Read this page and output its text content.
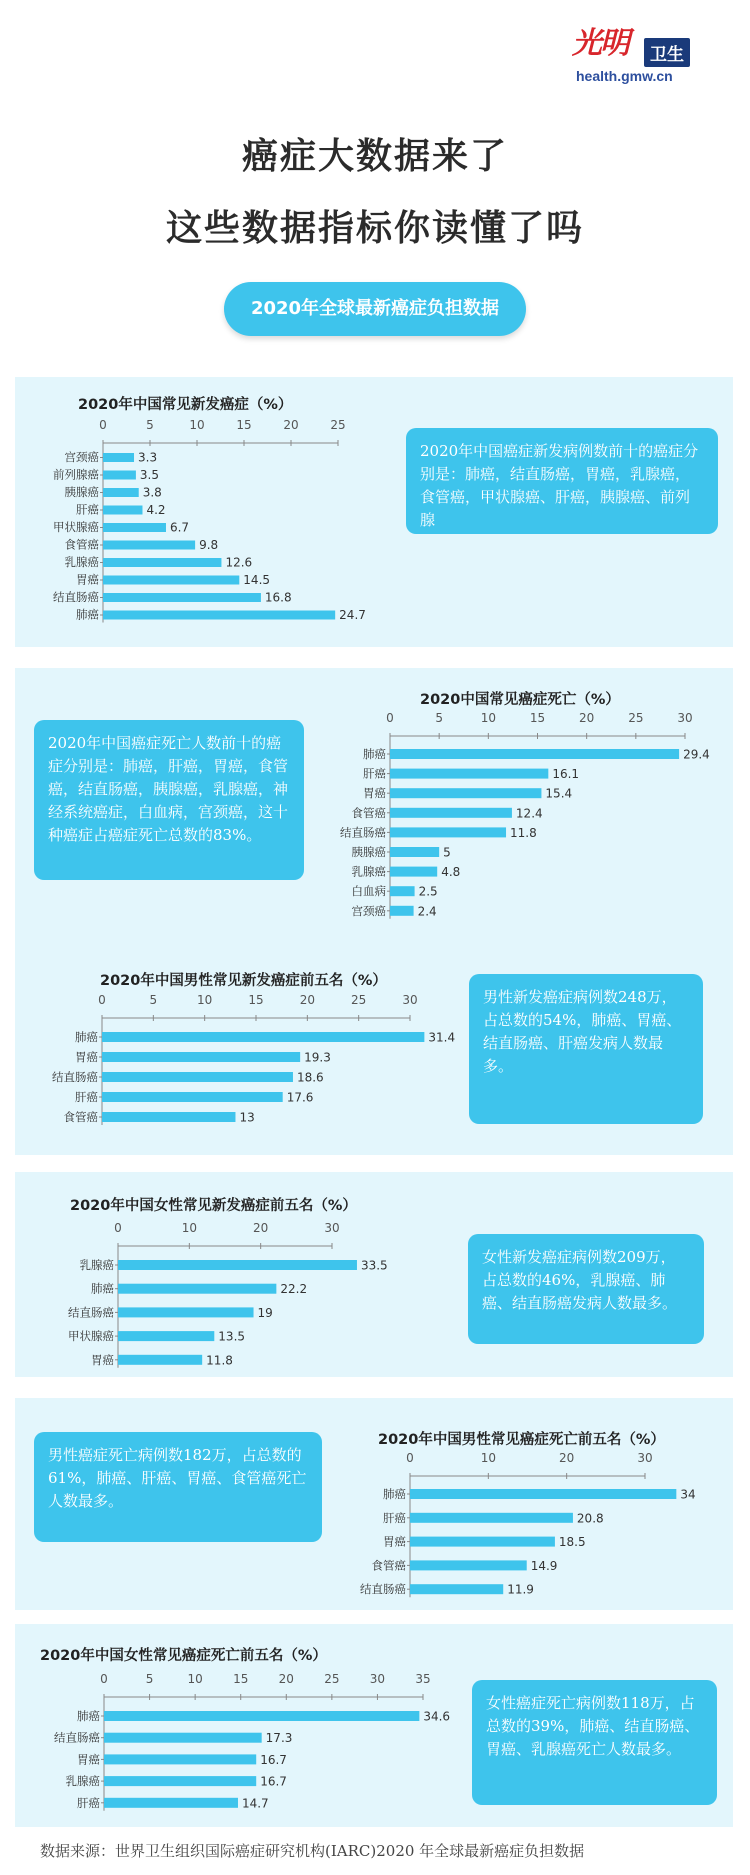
光明	卫生
health.gmw.cn
癌症大数据来了
这些数据指标你读懂了吗
2020年全球最新癌症负担数据
2020年中国常见新发癌症（%）
0	5	10	15	20	25
宫颈癌	3.3
前列腺癌	3.5
胰腺癌	3.8
肝癌	4.2
甲状腺癌	6.7
食管癌	9.8
乳腺癌	12.6
胃癌	14.5
结直肠癌	16.8
肺癌	24.7
2020年中国癌症新发病例数前十的癌症分别是：肺癌，结直肠癌，胃癌，乳腺癌，食管癌，甲状腺癌、肝癌，胰腺癌、前列腺
2020年中国癌症死亡人数前十的癌症分别是：肺癌，肝癌，胃癌，食管癌，结直肠癌，胰腺癌，乳腺癌，神经系统癌症，白血病，宫颈癌，这十种癌症占癌症死亡总数的83%。
2020中国常见癌症死亡（%）
0	5	10	15	20	25	30
肺癌	29.4
肝癌	16.1
胃癌	15.4
食管癌	12.4
结直肠癌	11.8
胰腺癌	5
乳腺癌	4.8
白血病	2.5
宫颈癌	2.4
2020年中国男性常见新发癌症前五名（%）
0	5	10	15	20	25	30
肺癌	31.4
胃癌	19.3
结直肠癌	18.6
肝癌	17.6
食管癌	13
男性新发癌症病例数248万，占总数的54%，肺癌、胃癌、结直肠癌、肝癌发病人数最多。
2020年中国女性常见新发癌症前五名（%）
0	10	20	30
乳腺癌	33.5
肺癌	22.2
结直肠癌	19
甲状腺癌	13.5
胃癌	11.8
女性新发癌症病例数209万，占总数的46%，乳腺癌、肺癌、结直肠癌发病人数最多。
男性癌症死亡病例数182万，占总数的61%，肺癌、肝癌、胃癌、食管癌死亡人数最多。
2020年中国男性常见癌症死亡前五名（%）
0	10	20	30
肺癌	34
肝癌	20.8
胃癌	18.5
食管癌	14.9
结直肠癌	11.9
2020年中国女性常见癌症死亡前五名（%）
0	5	10	15	20	25	30	35
肺癌	34.6
结直肠癌	17.3
胃癌	16.7
乳腺癌	16.7
肝癌	14.7
女性癌症死亡病例数118万，占总数的39%，肺癌、结直肠癌、胃癌、乳腺癌死亡人数最多。
数据来源：世界卫生组织国际癌症研究机构(IARC)2020 年全球最新癌症负担数据
